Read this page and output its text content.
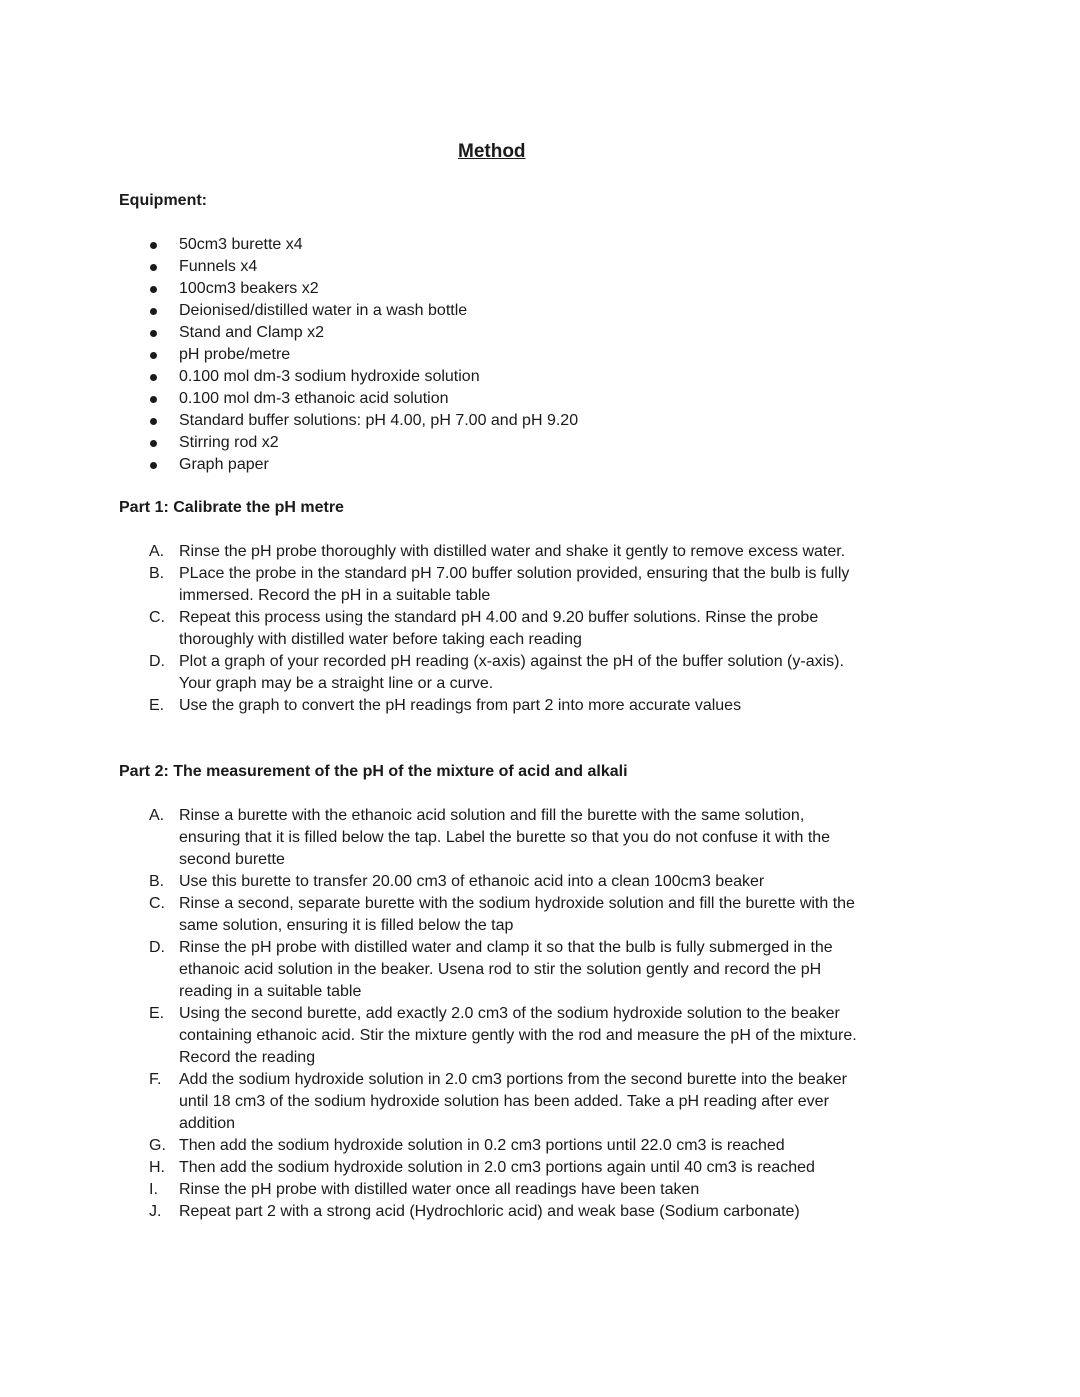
Method
Equipment:
50cm3 burette x4
Funnels x4
100cm3 beakers x2
Deionised/distilled water in a wash bottle
Stand and Clamp x2
pH probe/metre
0.100 mol dm-3 sodium hydroxide solution
0.100 mol dm-3 ethanoic acid solution
Standard buffer solutions: pH 4.00, pH 7.00 and pH 9.20
Stirring rod x2
Graph paper
Part 1: Calibrate the pH metre
A. Rinse the pH probe thoroughly with distilled water and shake it gently to remove excess water.
B. PLace the probe in the standard pH 7.00 buffer solution provided, ensuring that the bulb is fully immersed. Record the pH in a suitable table
C. Repeat this process using the standard pH 4.00 and 9.20 buffer solutions. Rinse the probe thoroughly with distilled water before taking each reading
D. Plot a graph of your recorded pH reading (x-axis) against the pH of the buffer solution (y-axis). Your graph may be a straight line or a curve.
E. Use the graph to convert the pH readings from part 2 into more accurate values
Part 2: The measurement of the pH of the mixture of acid and alkali
A. Rinse a burette with the ethanoic acid solution and fill the burette with the same solution, ensuring that it is filled below the tap. Label the burette so that you do not confuse it with the second burette
B. Use this burette to transfer 20.00 cm3 of ethanoic acid into a clean 100cm3 beaker
C. Rinse a second, separate burette with the sodium hydroxide solution and fill the burette with the same solution, ensuring it is filled below the tap
D. Rinse the pH probe with distilled water and clamp it so that the bulb is fully submerged in the ethanoic acid solution in the beaker. Usena rod to stir the solution gently and record the pH reading in a suitable table
E. Using the second burette, add exactly 2.0 cm3 of the sodium hydroxide solution to the beaker containing ethanoic acid. Stir the mixture gently with the rod and measure the pH of the mixture. Record the reading
F. Add the sodium hydroxide solution in 2.0 cm3 portions from the second burette into the beaker until 18 cm3 of the sodium hydroxide solution has been added. Take a pH reading after ever addition
G. Then add the sodium hydroxide solution in 0.2 cm3 portions until 22.0 cm3 is reached
H. Then add the sodium hydroxide solution in 2.0 cm3 portions again until 40 cm3 is reached
I. Rinse the pH probe with distilled water once all readings have been taken
J. Repeat part 2 with a strong acid (Hydrochloric acid) and weak base (Sodium carbonate)
